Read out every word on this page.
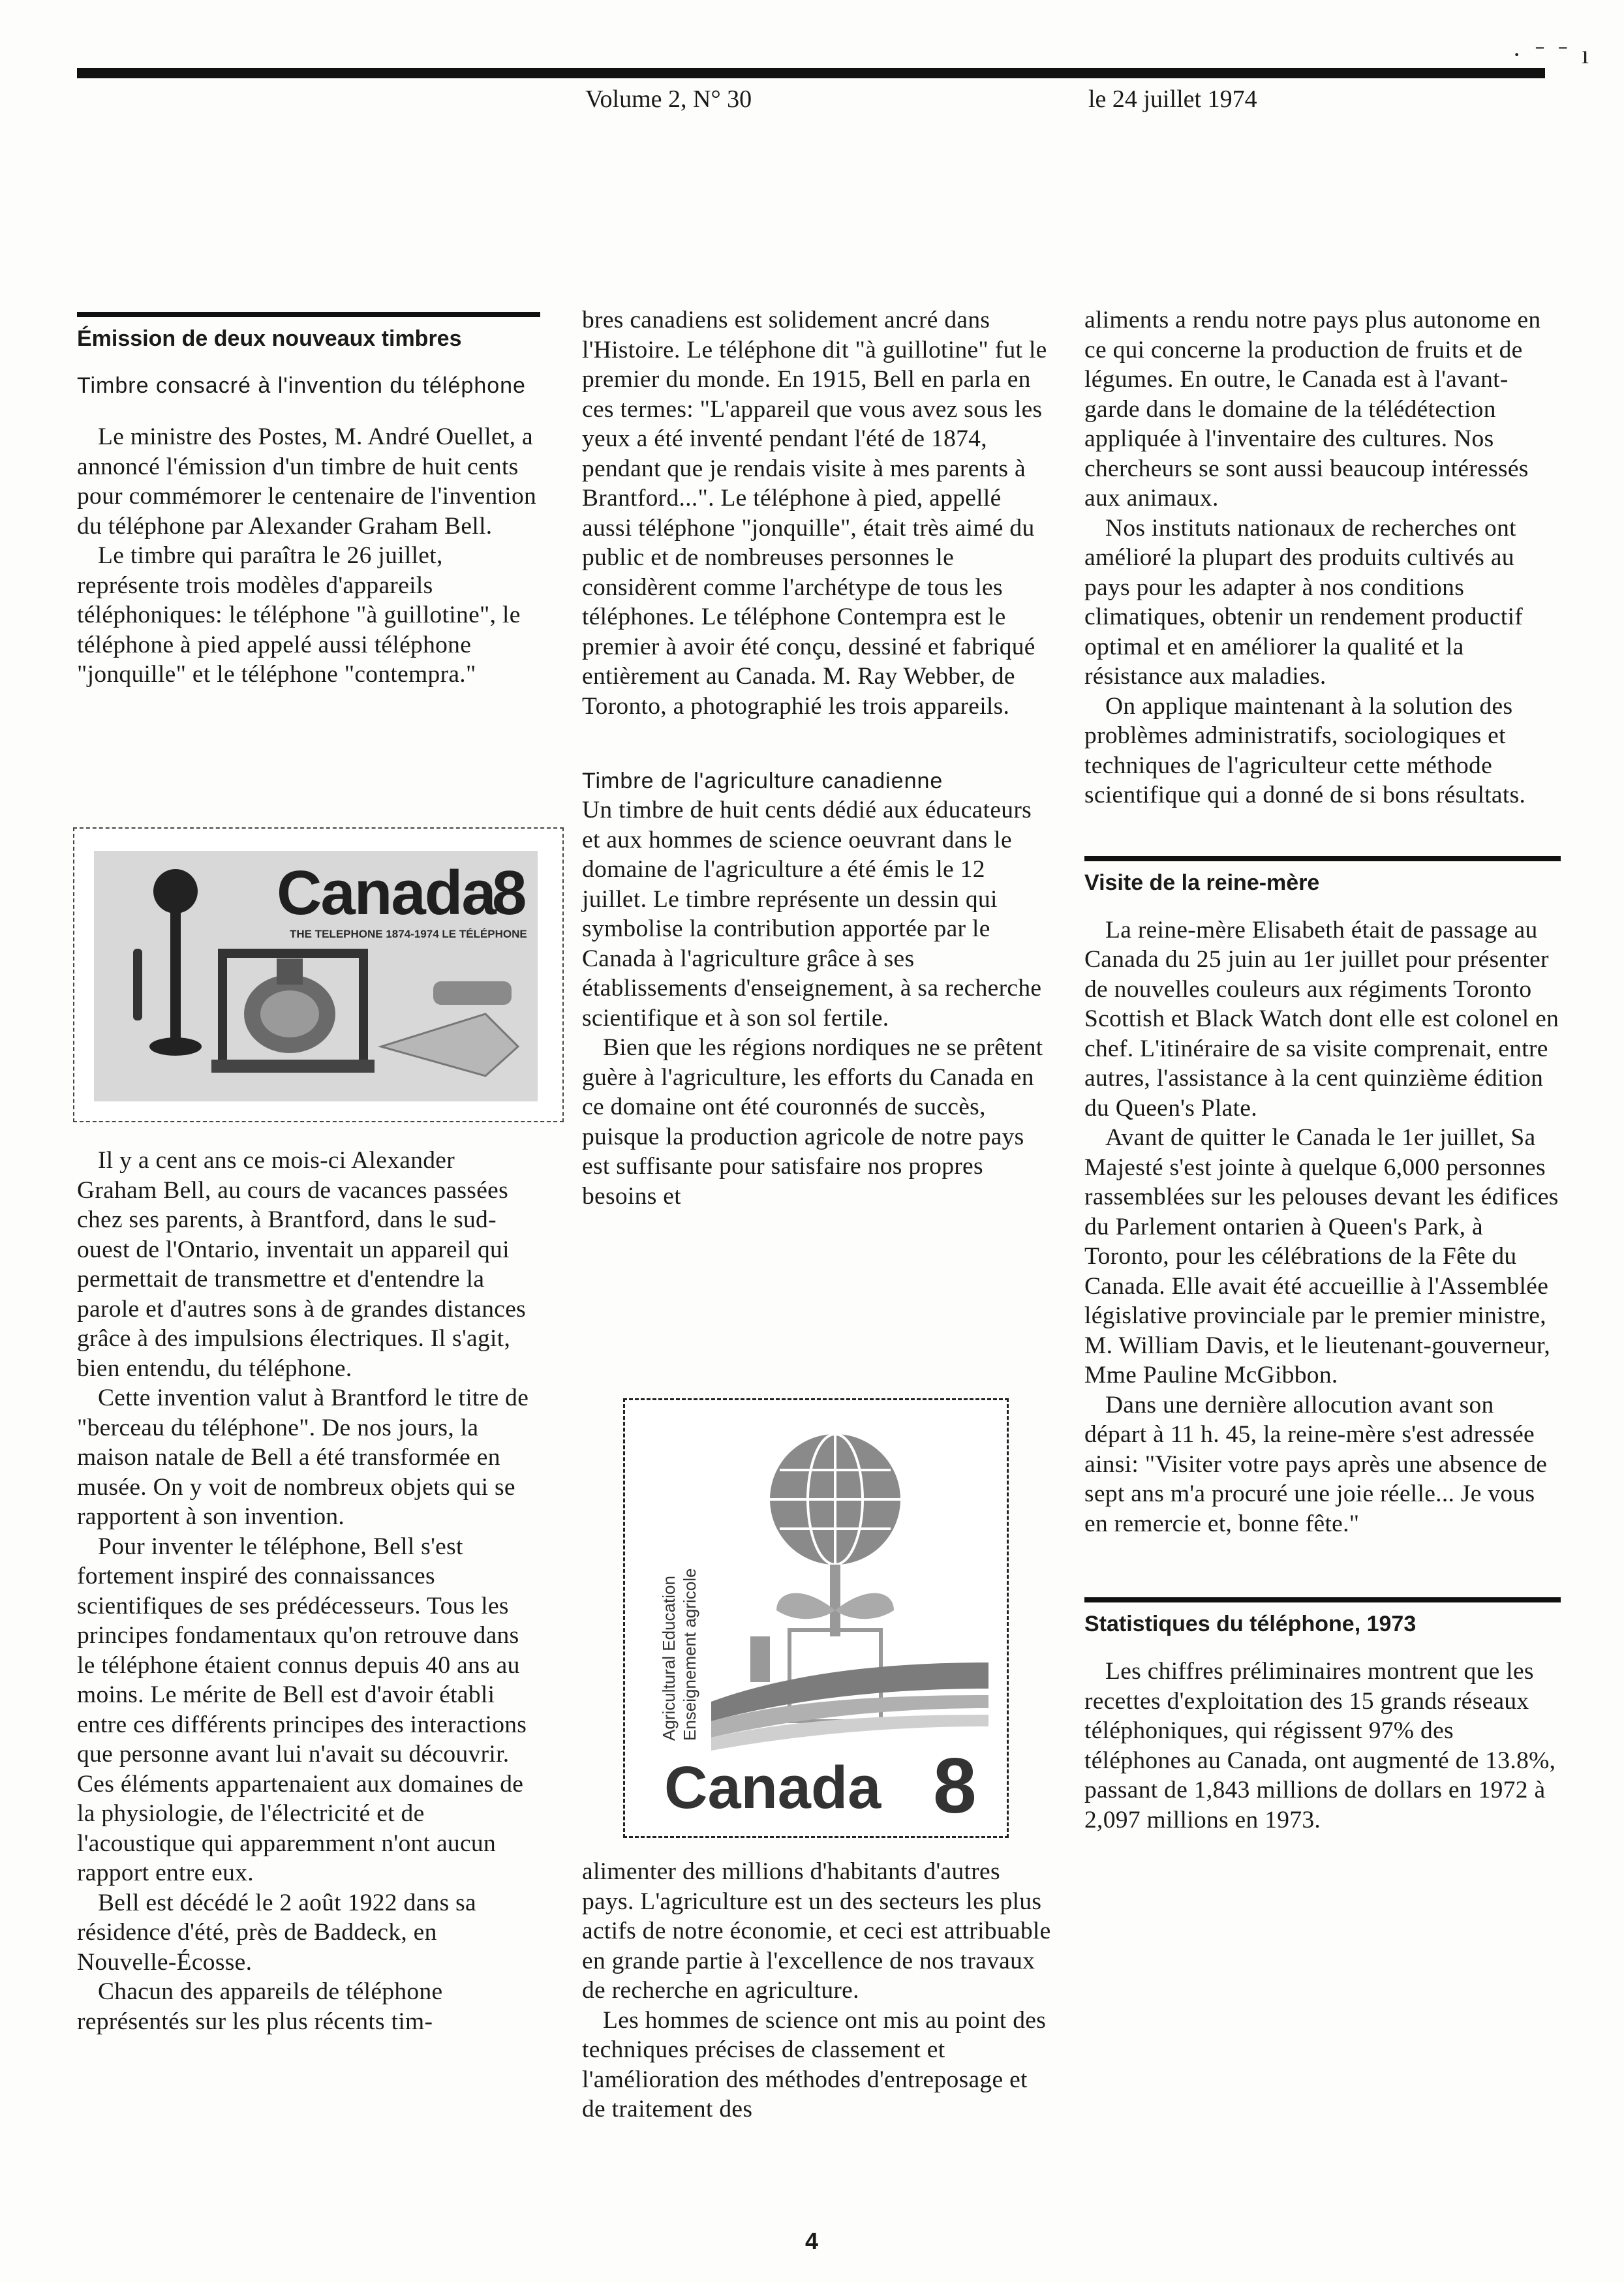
· ˉ ˉ ı
Volume 2, N° 30	le 24 juillet 1974
Émission de deux nouveaux timbres
Timbre consacré à l'invention du téléphone

Le ministre des Postes, M. André Ouellet, a annoncé l'émission d'un timbre de huit cents pour commémorer le centenaire de l'invention du téléphone par Alexander Graham Bell.

Le timbre qui paraîtra le 26 juillet, représente trois modèles d'appareils téléphoniques: le téléphone "à guillotine", le téléphone à pied appelé aussi téléphone "jonquille" et le téléphone "contempra."

Canada
8
THE TELEPHONE 1874-1974 LE TÉLÉPHONE

Il y a cent ans ce mois-ci Alexander Graham Bell, au cours de vacances passées chez ses parents, à Brantford, dans le sud-ouest de l'Ontario, inventait un appareil qui permettait de transmettre et d'entendre la parole et d'autres sons à de grandes distances grâce à des impulsions électriques. Il s'agit, bien entendu, du téléphone.

Cette invention valut à Brantford le titre de "berceau du téléphone". De nos jours, la maison natale de Bell a été transformée en musée. On y voit de nombreux objets qui se rapportent à son invention.

Pour inventer le téléphone, Bell s'est fortement inspiré des connaissances scientifiques de ses prédécesseurs. Tous les principes fondamentaux qu'on retrouve dans le téléphone étaient connus depuis 40 ans au moins. Le mérite de Bell est d'avoir établi entre ces différents principes des interactions que personne avant lui n'avait su découvrir. Ces éléments appartenaient aux domaines de la physiologie, de l'électricité et de l'acoustique qui apparemment n'ont aucun rapport entre eux.

Bell est décédé le 2 août 1922 dans sa résidence d'été, près de Baddeck, en Nouvelle-Écosse.

Chacun des appareils de téléphone représentés sur les plus récents tim-

bres canadiens est solidement ancré dans l'Histoire. Le téléphone dit "à guillotine" fut le premier du monde. En 1915, Bell en parla en ces termes: "L'appareil que vous avez sous les yeux a été inventé pendant l'été de 1874, pendant que je rendais visite à mes parents à Brantford...". Le téléphone à pied, appellé aussi téléphone "jonquille", était très aimé du public et de nombreuses personnes le considèrent comme l'archétype de tous les téléphones. Le téléphone Contempra est le premier à avoir été conçu, dessiné et fabriqué entièrement au Canada. M. Ray Webber, de Toronto, a photographié les trois appareils.

Timbre de l'agriculture canadienne

Un timbre de huit cents dédié aux éducateurs et aux hommes de science oeuvrant dans le domaine de l'agriculture a été émis le 12 juillet. Le timbre représente un dessin qui symbolise la contribution apportée par le Canada à l'agriculture grâce à ses établissements d'enseignement, à sa recherche scientifique et à son sol fertile.

Bien que les régions nordiques ne se prêtent guère à l'agriculture, les efforts du Canada en ce domaine ont été couronnés de succès, puisque la production agricole de notre pays est suffisante pour satisfaire nos propres besoins et

Agricultural Education Enseignement agricole
Canada 8

alimenter des millions d'habitants d'autres pays. L'agriculture est un des secteurs les plus actifs de notre économie, et ceci est attribuable en grande partie à l'excellence de nos travaux de recherche en agriculture.

Les hommes de science ont mis au point des techniques précises de classement et l'amélioration des méthodes d'entreposage et de traitement des

aliments a rendu notre pays plus autonome en ce qui concerne la production de fruits et de légumes. En outre, le Canada est à l'avant-garde dans le domaine de la télédétection appliquée à l'inventaire des cultures. Nos chercheurs se sont aussi beaucoup intéressés aux animaux.

Nos instituts nationaux de recherches ont amélioré la plupart des produits cultivés au pays pour les adapter à nos conditions climatiques, obtenir un rendement productif optimal et en améliorer la qualité et la résistance aux maladies.

On applique maintenant à la solution des problèmes administratifs, sociologiques et techniques de l'agriculteur cette méthode scientifique qui a donné de si bons résultats.

Visite de la reine-mère

La reine-mère Elisabeth était de passage au Canada du 25 juin au 1er juillet pour présenter de nouvelles couleurs aux régiments Toronto Scottish et Black Watch dont elle est colonel en chef. L'itinéraire de sa visite comprenait, entre autres, l'assistance à la cent quinzième édition du Queen's Plate.

Avant de quitter le Canada le 1er juillet, Sa Majesté s'est jointe à quelque 6,000 personnes rassemblées sur les pelouses devant les édifices du Parlement ontarien à Queen's Park, à Toronto, pour les célébrations de la Fête du Canada. Elle avait été accueillie à l'Assemblée législative provinciale par le premier ministre, M. William Davis, et le lieutenant-gouverneur, Mme Pauline McGibbon.

Dans une dernière allocution avant son départ à 11 h. 45, la reine-mère s'est adressée ainsi: "Visiter votre pays après une absence de sept ans m'a procuré une joie réelle... Je vous en remercie et, bonne fête."

Statistiques du téléphone, 1973

Les chiffres préliminaires montrent que les recettes d'exploitation des 15 grands réseaux téléphoniques, qui régissent 97% des téléphones au Canada, ont augmenté de 13.8%, passant de 1,843 millions de dollars en 1972 à 2,097 millions en 1973.

4
